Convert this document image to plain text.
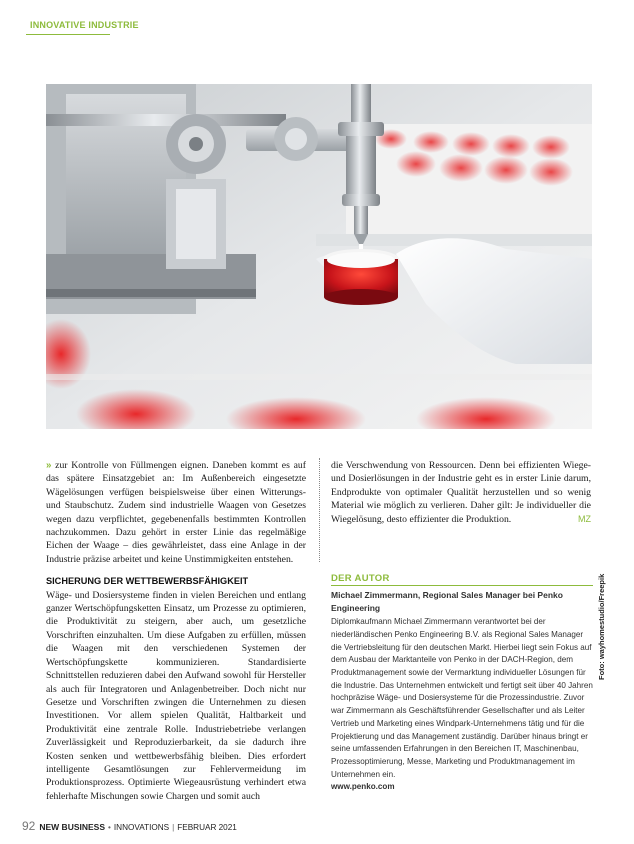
INNOVATIVE INDUSTRIE

» zur Kontrolle von Füllmengen eignen. Daneben kommt es auf das spätere Einsatzgebiet an: Im Außenbereich eingesetzte Wägelösungen verfügen beispielsweise über einen Witterungs- und Staubschutz. Zudem sind industrielle Waagen von Gesetzes wegen dazu verpflichtet, gegebenenfalls bestimmten Kontrollen nachzukommen. Dazu gehört in erster Linie das regelmäßige Eichen der Waage – dies gewährleistet, dass eine Anlage in der Industrie präzise arbeitet und keine Unstimmigkeiten entstehen.

SICHERUNG DER WETTBEWERBSFÄHIGKEIT

Wäge- und Dosiersysteme finden in vielen Bereichen und entlang ganzer Wertschöpfungsketten Einsatz, um Prozesse zu optimieren, die Produktivität zu steigern, aber auch, um gesetzliche Vorschriften einzuhalten. Um diese Aufgaben zu erfüllen, müssen die Waagen mit den verschiedenen Systemen der Wertschöpfungskette kommunizieren. Standardisierte Schnittstellen reduzieren dabei den Aufwand sowohl für Hersteller als auch für Integratoren und Anlagenbetreiber. Doch nicht nur Gesetze und Vorschriften zwingen die Unternehmen zu diesen Investitionen. Vor allem spielen Qualität, Haltbarkeit und Produktivität eine zentrale Rolle. Industriebetriebe verlangen Zuverlässigkeit und Reproduzierbarkeit, da sie dadurch ihre Kosten senken und wettbewerbsfähig bleiben. Dies erfordert intelligente Gesamtlösungen zur Fehlervermeidung im Produktionsprozess. Optimierte Wiegeausrüstung verhindert etwa fehlerhafte Mischungen sowie Chargen und somit auch

die Verschwendung von Ressourcen. Denn bei effizienten Wiege- und Dosierlösungen in der Industrie geht es in erster Linie darum, Endprodukte von optimaler Qualität herzustellen und so wenig Material wie möglich zu verlieren. Daher gilt: Je individueller die Wiegelösung, desto effizienter die Produktion.	MZ

DER AUTOR
Michael Zimmermann, Regional Sales Manager bei Penko Engineering
Diplomkaufmann Michael Zimmermann verantwortet bei der niederländischen Penko Engineering B.V. als Regional Sales Manager die Vertriebsleitung für den deutschen Markt. Hierbei liegt sein Fokus auf dem Ausbau der Marktanteile von Penko in der DACH-Region, dem Produktmanagement sowie der Vermarktung individueller Lösungen für die Industrie. Das Unternehmen entwickelt und fertigt seit über 40 Jahren hochpräzise Wäge- und Dosiersysteme für die Prozessindustrie. Zuvor war Zimmermann als Geschäftsführender Gesellschafter und als Leiter Vertrieb und Marketing eines Windpark-Unternehmens tätig und für die Projektierung und das Management zuständig. Darüber hinaus bringt er seine umfassenden Erfahrungen in den Bereichen IT, Maschinenbau, Prozessoptimierung, Messe, Marketing und Produktmanagement im Unternehmen ein.
www.penko.com
Foto: wayhomestudio/Freepik
92 NEW BUSINESS • INNOVATIONS | FEBRUAR 2021
